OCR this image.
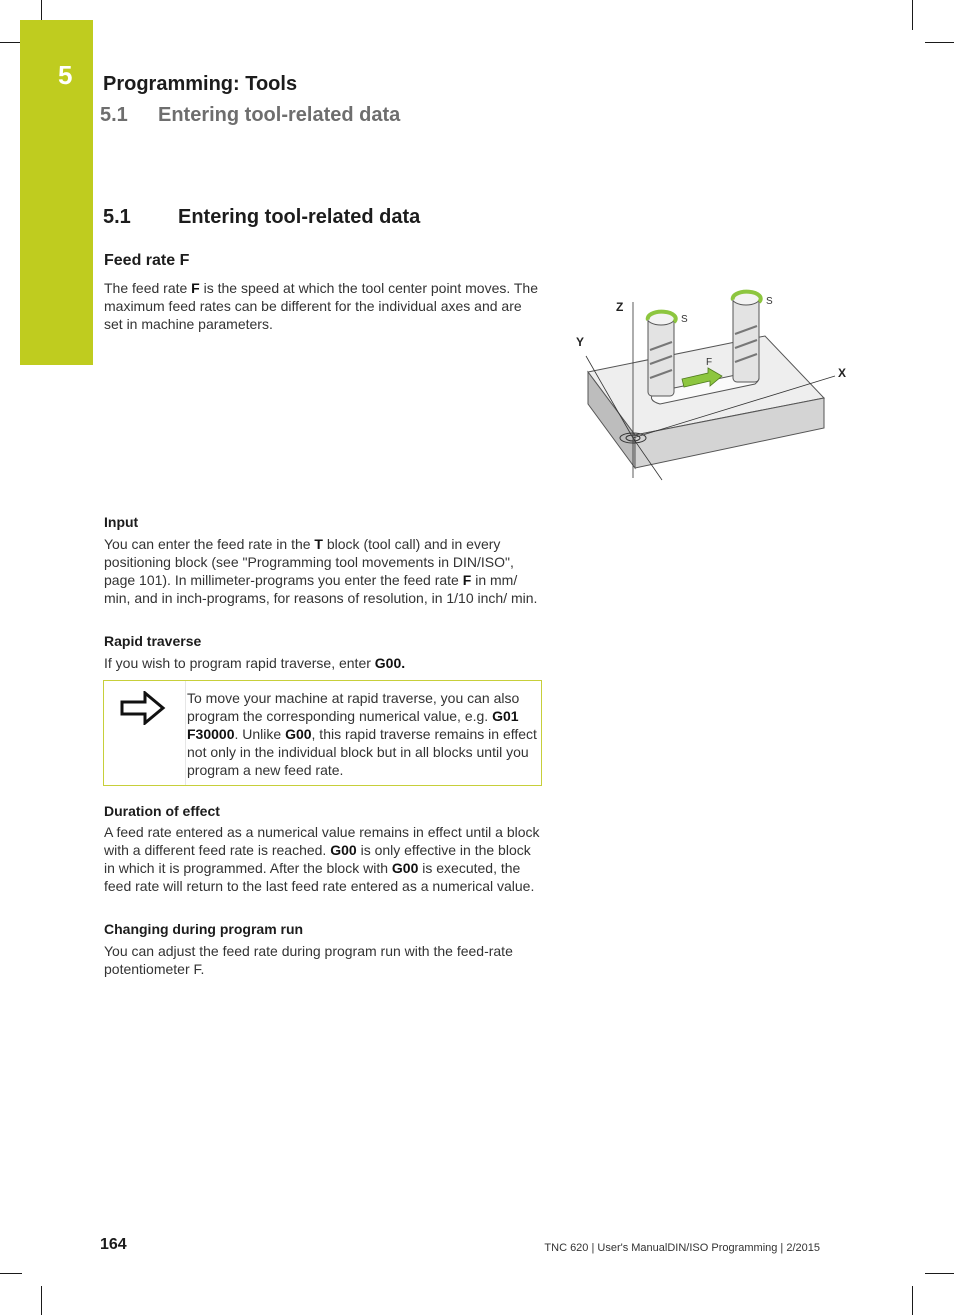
5 Programming: Tools
5.1 Entering tool-related data
5.1 Entering tool-related data
Feed rate F
The feed rate F is the speed at which the tool center point moves. The maximum feed rates can be different for the individual axes and are set in machine parameters.
Z
Y
X
F
S
S
Input
You can enter the feed rate in the T block (tool call) and in every positioning block (see "Programming tool movements in DIN/ISO", page 101). In millimeter-programs you enter the feed rate F in mm/ min, and in inch-programs, for reasons of resolution, in 1/10 inch/ min.
Rapid traverse
If you wish to program rapid traverse, enter G00.
To move your machine at rapid traverse, you can also program the corresponding numerical value, e.g. G01 F30000. Unlike G00, this rapid traverse remains in effect not only in the individual block but in all blocks until you program a new feed rate.
Duration of effect
A feed rate entered as a numerical value remains in effect until a block with a different feed rate is reached. G00 is only effective in the block in which it is programmed. After the block with G00 is executed, the feed rate will return to the last feed rate entered as a numerical value.
Changing during program run
You can adjust the feed rate during program run with the feed-rate potentiometer F.
164	TNC 620 | User's ManualDIN/ISO Programming | 2/2015
